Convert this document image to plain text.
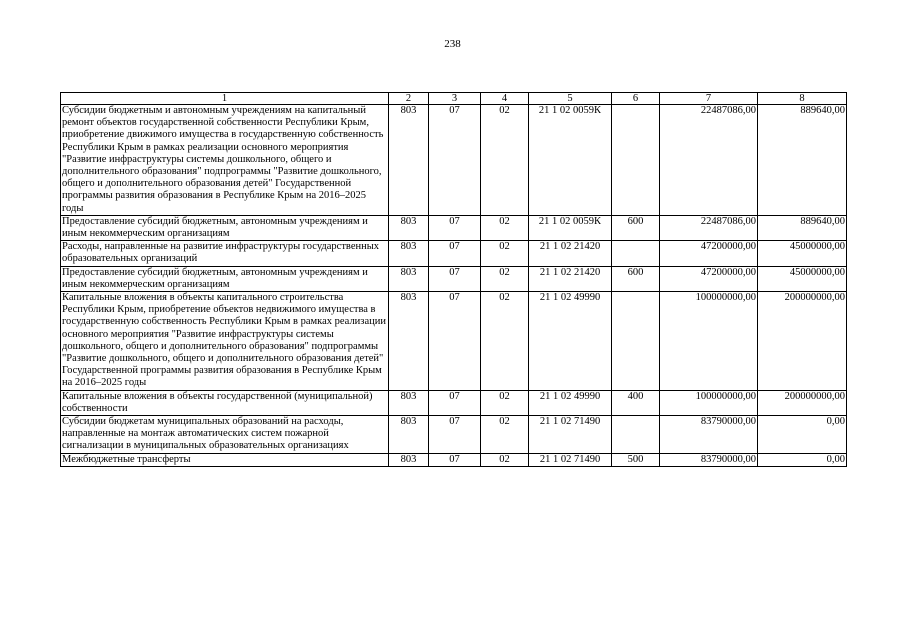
238
1	2	3	4	5	6	7	8
Субсидии бюджетным и автономным учреждениям на капитальный ремонт объектов государственной собственности Республики Крым, приобретение движимого имущества в государственную собственность Республики Крым в рамках реализации основного мероприятия "Развитие инфраструктуры системы дошкольного, общего и дополнительного образования" подпрограммы "Развитие дошкольного, общего и дополнительного образования детей" Государственной программы развития образования в Республике Крым на 2016–2025 годы	803	07	02	21 1 02 0059К		22487086,00	889640,00
Предоставление субсидий бюджетным, автономным учреждениям и иным некоммерческим организациям	803	07	02	21 1 02 0059К	600	22487086,00	889640,00
Расходы, направленные на развитие инфраструктуры государственных образовательных организаций	803	07	02	21 1 02 21420		47200000,00	45000000,00
Предоставление субсидий бюджетным, автономным учреждениям и иным некоммерческим организациям	803	07	02	21 1 02 21420	600	47200000,00	45000000,00
Капитальные вложения в объекты капитального строительства Республики Крым, приобретение объектов недвижимого имущества в государственную собственность Республики Крым в рамках реализации основного мероприятия "Развитие инфраструктуры системы дошкольного, общего и дополнительного образования" подпрограммы "Развитие дошкольного, общего и дополнительного образования детей" Государственной программы развития образования в Республике Крым на 2016–2025 годы	803	07	02	21 1 02 49990		100000000,00	200000000,00
Капитальные вложения в объекты государственной (муниципальной) собственности	803	07	02	21 1 02 49990	400	100000000,00	200000000,00
Субсидии бюджетам муниципальных образований на расходы, направленные на монтаж автоматических систем пожарной сигнализации в муниципальных образовательных организациях	803	07	02	21 1 02 71490		83790000,00	0,00
Межбюджетные трансферты	803	07	02	21 1 02 71490	500	83790000,00	0,00
